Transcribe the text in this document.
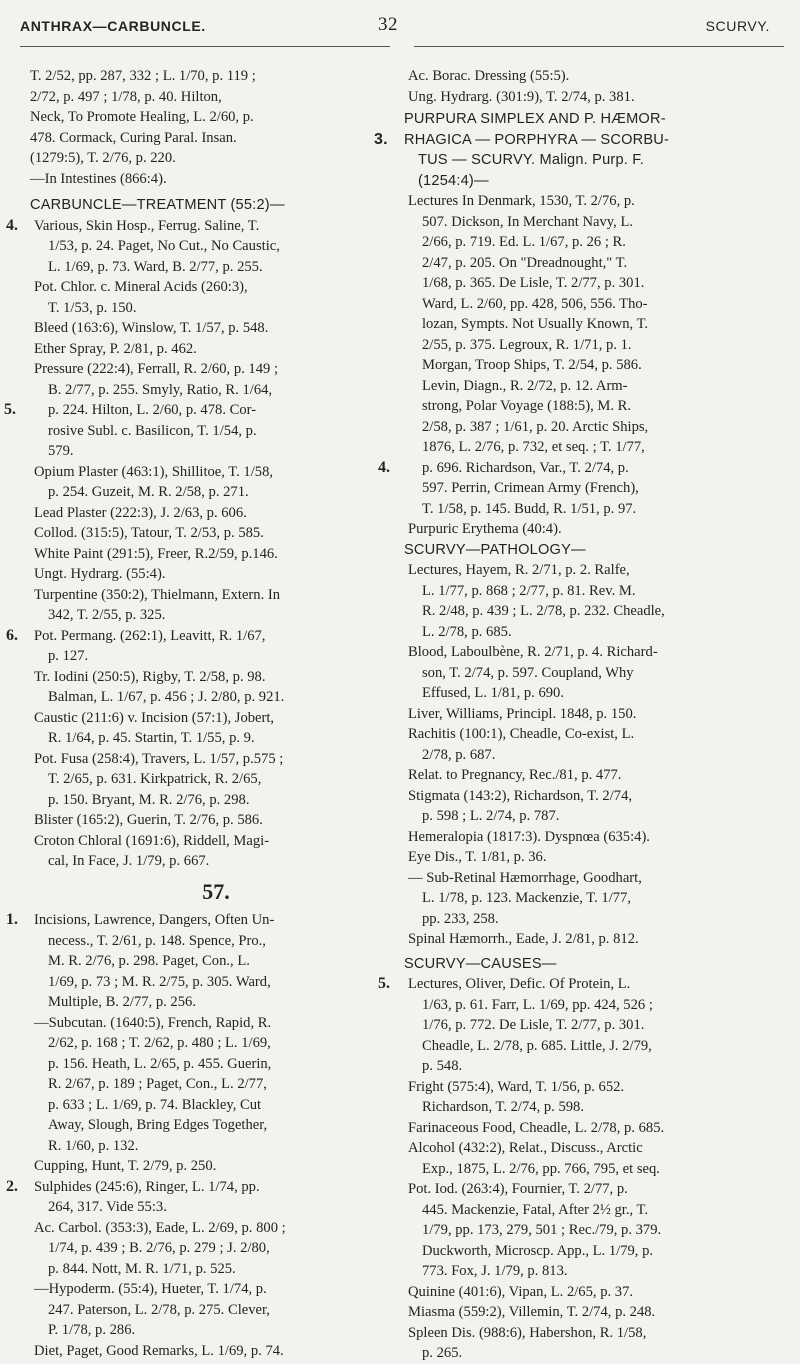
ANTHRAX—CARBUNCLE.	32	SCURVY.
T. 2/52, pp. 287, 332 ; L. 1/70, p. 119 ;
2/72, p. 497 ; 1/78, p. 40. Hilton,
Neck, To Promote Healing, L. 2/60, p.
478. Cormack, Curing Paral. Insan.
(1279:5), T. 2/76, p. 220.
—In Intestines (866:4).
CARBUNCLE—TREATMENT (55:2)—
4. Various, Skin Hosp., Ferrug. Saline, T.
1/53, p. 24. Paget, No Cut., No Caustic,
L. 1/69, p. 73. Ward, B. 2/77, p. 255.
Pot. Chlor. c. Mineral Acids (260:3),
T. 1/53, p. 150.
Bleed (163:6), Winslow, T. 1/57, p. 548.
Ether Spray, P. 2/81, p. 462.
Pressure (222:4), Ferrall, R. 2/60, p. 149 ;
B. 2/77, p. 255. Smyly, Ratio, R. 1/64,
5. p. 224. Hilton, L. 2/60, p. 478. Cor-
rosive Subl. c. Basilicon, T. 1/54, p.
579.
Opium Plaster (463:1), Shillitoe, T. 1/58,
p. 254. Guzeit, M. R. 2/58, p. 271.
Lead Plaster (222:3), J. 2/63, p. 606.
Collod. (315:5), Tatour, T. 2/53, p. 585.
White Paint (291:5), Freer, R.2/59, p.146.
Ungt. Hydrarg. (55:4).
Turpentine (350:2), Thielmann, Extern. In
342, T. 2/55, p. 325.
6. Pot. Permang. (262:1), Leavitt, R. 1/67,
p. 127.
Tr. Iodini (250:5), Rigby, T. 2/58, p. 98.
Balman, L. 1/67, p. 456 ; J. 2/80, p. 921.
Caustic (211:6) v. Incision (57:1), Jobert,
R. 1/64, p. 45. Startin, T. 1/55, p. 9.
Pot. Fusa (258:4), Travers, L. 1/57, p.575 ;
T. 2/65, p. 631. Kirkpatrick, R. 2/65,
p. 150. Bryant, M. R. 2/76, p. 298.
Blister (165:2), Guerin, T. 2/76, p. 586.
Croton Chloral (1691:6), Riddell, Magi-
cal, In Face, J. 1/79, p. 667.
57.
1. Incisions, Lawrence, Dangers, Often Un-
necess., T. 2/61, p. 148. Spence, Pro.,
M. R. 2/76, p. 298. Paget, Con., L.
1/69, p. 73 ; M. R. 2/75, p. 305. Ward,
Multiple, B. 2/77, p. 256.
—Subcutan. (1640:5), French, Rapid, R.
2/62, p. 168 ; T. 2/62, p. 480 ; L. 1/69,
p. 156. Heath, L. 2/65, p. 455. Guerin,
R. 2/67, p. 189 ; Paget, Con., L. 2/77,
p. 633 ; L. 1/69, p. 74. Blackley, Cut
Away, Slough, Bring Edges Together,
R. 1/60, p. 132.
Cupping, Hunt, T. 2/79, p. 250.
2. Sulphides (245:6), Ringer, L. 1/74, pp.
264, 317. Vide 55:3.
Ac. Carbol. (353:3), Eade, L. 2/69, p. 800 ;
1/74, p. 439 ; B. 2/76, p. 279 ; J. 2/80,
p. 844. Nott, M. R. 1/71, p. 525.
—Hypoderm. (55:4), Hueter, T. 1/74, p.
247. Paterson, L. 2/78, p. 275. Clever,
P. 1/78, p. 286.
Diet, Paget, Good Remarks, L. 1/69, p. 74.
Ac. Borac. Dressing (55:5).
Ung. Hydrarg. (301:9), T. 2/74, p. 381.
PURPURA SIMPLEX AND P. HÆMOR-
3. RHAGICA — PORPHYRA — SCORBU-
TUS — SCURVY. Malign. Purp. F.
(1254:4)—
Lectures In Denmark, 1530, T. 2/76, p.
507. Dickson, In Merchant Navy, L.
2/66, p. 719. Ed. L. 1/67, p. 26 ; R.
2/47, p. 205. On "Dreadnought," T.
1/68, p. 365. De Lisle, T. 2/77, p. 301.
Ward, L. 2/60, pp. 428, 506, 556. Tho-
lozan, Sympts. Not Usually Known, T.
2/55, p. 375. Legroux, R. 1/71, p. 1.
Morgan, Troop Ships, T. 2/54, p. 586.
Levin, Diagn., R. 2/72, p. 12. Arm-
strong, Polar Voyage (188:5), M. R.
2/58, p. 387 ; 1/61, p. 20. Arctic Ships,
1876, L. 2/76, p. 732, et seq. ; T. 1/77,
4. p. 696. Richardson, Var., T. 2/74, p.
597. Perrin, Crimean Army (French),
T. 1/58, p. 145. Budd, R. 1/51, p. 97.
Purpuric Erythema (40:4).
SCURVY—PATHOLOGY—
Lectures, Hayem, R. 2/71, p. 2. Ralfe,
L. 1/77, p. 868 ; 2/77, p. 81. Rev. M.
R. 2/48, p. 439 ; L. 2/78, p. 232. Cheadle,
L. 2/78, p. 685.
Blood, Laboulbène, R. 2/71, p. 4. Richard-
son, T. 2/74, p. 597. Coupland, Why
Effused, L. 1/81, p. 690.
Liver, Williams, Principl. 1848, p. 150.
Rachitis (100:1), Cheadle, Co-exist, L.
2/78, p. 687.
Relat. to Pregnancy, Rec./81, p. 477.
Stigmata (143:2), Richardson, T. 2/74,
p. 598 ; L. 2/74, p. 787.
Hemeralopia (1817:3). Dyspnœa (635:4).
Eye Dis., T. 1/81, p. 36.
— Sub-Retinal Hæmorrhage, Goodhart,
L. 1/78, p. 123. Mackenzie, T. 1/77,
pp. 233, 258.
Spinal Hæmorrh., Eade, J. 2/81, p. 812.
SCURVY—CAUSES—
5. Lectures, Oliver, Defic. Of Protein, L.
1/63, p. 61. Farr, L. 1/69, pp. 424, 526 ;
1/76, p. 772. De Lisle, T. 2/77, p. 301.
Cheadle, L. 2/78, p. 685. Little, J. 2/79,
p. 548.
Fright (575:4), Ward, T. 1/56, p. 652.
Richardson, T. 2/74, p. 598.
Farinaceous Food, Cheadle, L. 2/78, p. 685.
Alcohol (432:2), Relat., Discuss., Arctic
Exp., 1875, L. 2/76, pp. 766, 795, et seq.
Pot. Iod. (263:4), Fournier, T. 2/77, p.
445. Mackenzie, Fatal, After 2½ gr., T.
1/79, pp. 173, 279, 501 ; Rec./79, p. 379.
Duckworth, Microscp. App., L. 1/79, p.
773. Fox, J. 1/79, p. 813.
Quinine (401:6), Vipan, L. 2/65, p. 37.
Miasma (559:2), Villemin, T. 2/74, p. 248.
Spleen Dis. (988:6), Habershon, R. 1/58,
p. 265.
